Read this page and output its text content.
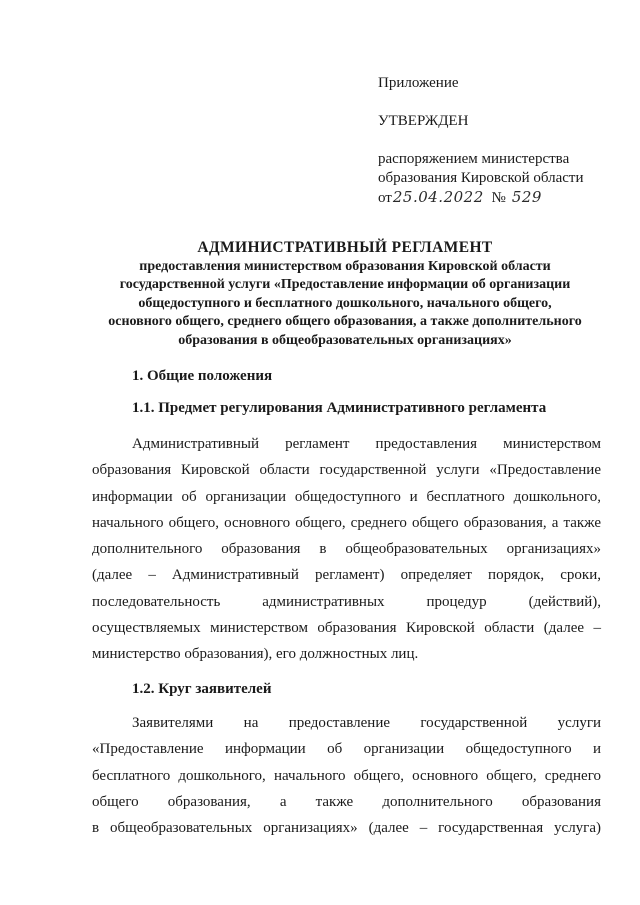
Приложение

УТВЕРЖДЕН

распоряжением министерства
образования Кировской области
от25.04.2022 № 529

АДМИНИСТРАТИВНЫЙ РЕГЛАМЕНТ

предоставления министерством образования Кировской области
государственной услуги «Предоставление информации об организации
общедоступного и бесплатного дошкольного, начального общего,
основного общего, среднего общего образования, а также дополнительного
образования в общеобразовательных организациях»

1. Общие положения

1.1. Предмет регулирования Административного регламента

Административный регламент предоставления министерством
образования Кировской области государственной услуги «Предоставление
информации об организации общедоступного и бесплатного дошкольного,
начального общего, основного общего, среднего общего образования, а также
дополнительного образования в общеобразовательных организациях»
(далее – Административный регламент) определяет порядок, сроки,
последовательность административных процедур (действий),
осуществляемых министерством образования Кировской области (далее –
министерство образования), его должностных лиц.

1.2. Круг заявителей

Заявителями на предоставление государственной услуги
«Предоставление информации об организации общедоступного и
бесплатного дошкольного, начального общего, основного общего, среднего
общего образования, а также дополнительного образования
в общеобразовательных организациях» (далее – государственная услуга)
